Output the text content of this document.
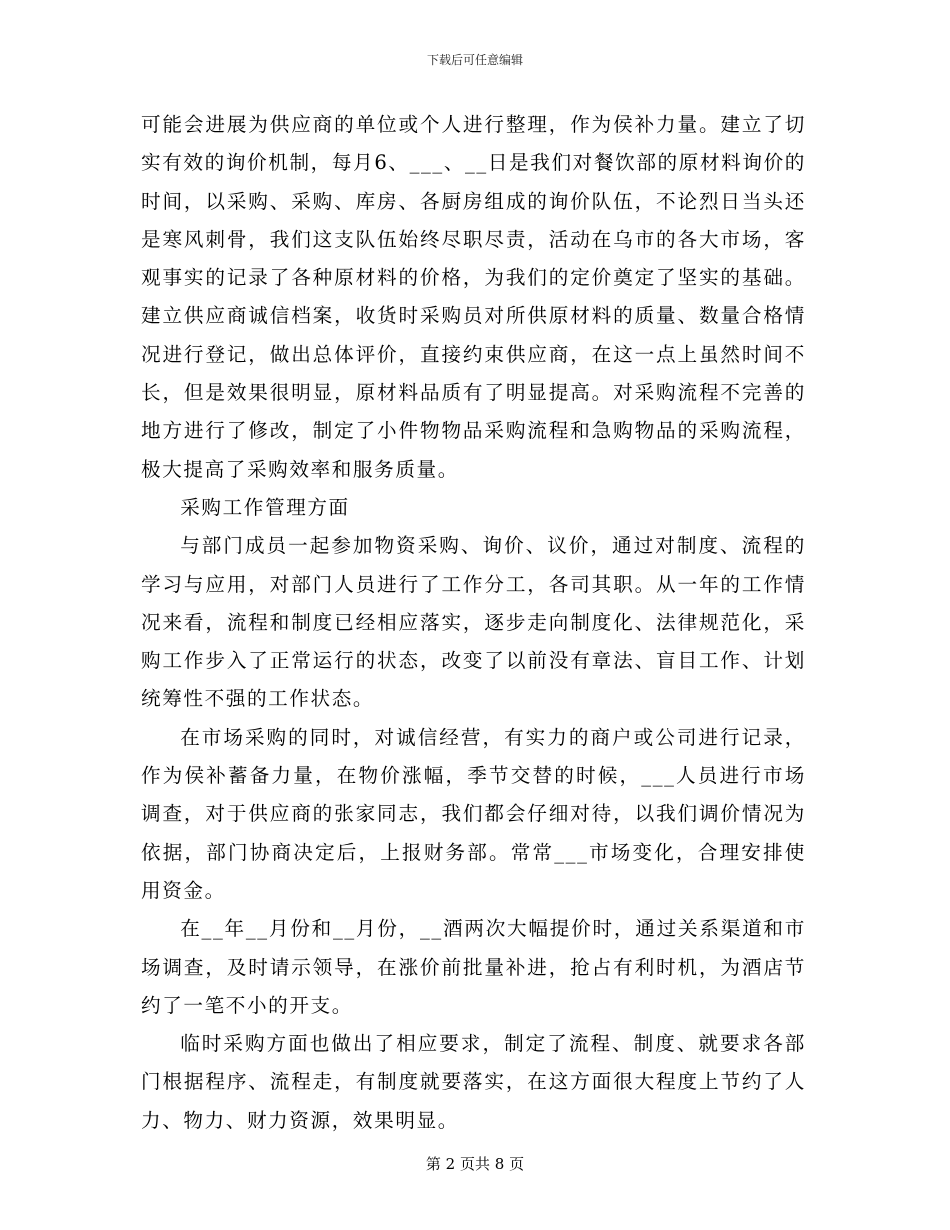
下载后可任意编辑

可能会进展为供应商的单位或个人进行整理，作为侯补力量。建立了切实有效的询价机制，每月6、___、__日是我们对餐饮部的原材料询价的时间，以采购、采购、库房、各厨房组成的询价队伍，不论烈日当头还是寒风刺骨，我们这支队伍始终尽职尽责，活动在乌市的各大市场，客观事实的记录了各种原材料的价格，为我们的定价奠定了坚实的基础。建立供应商诚信档案，收货时采购员对所供原材料的质量、数量合格情况进行登记，做出总体评价，直接约束供应商，在这一点上虽然时间不长，但是效果很明显，原材料品质有了明显提高。对采购流程不完善的地方进行了修改，制定了小件物物品采购流程和急购物品的采购流程，极大提高了采购效率和服务质量。

采购工作管理方面

与部门成员一起参加物资采购、询价、议价，通过对制度、流程的学习与应用，对部门人员进行了工作分工，各司其职。从一年的工作情况来看，流程和制度已经相应落实，逐步走向制度化、法律规范化，采购工作步入了正常运行的状态，改变了以前没有章法、盲目工作、计划统筹性不强的工作状态。

在市场采购的同时，对诚信经营，有实力的商户或公司进行记录，作为侯补蓄备力量，在物价涨幅，季节交替的时候，___人员进行市场调查，对于供应商的张家同志，我们都会仔细对待，以我们调价情况为依据，部门协商决定后，上报财务部。常常___市场变化，合理安排使用资金。

在__年__月份和__月份，__酒两次大幅提价时，通过关系渠道和市场调查，及时请示领导，在涨价前批量补进，抢占有利时机，为酒店节约了一笔不小的开支。

临时采购方面也做出了相应要求，制定了流程、制度、就要求各部门根据程序、流程走，有制度就要落实，在这方面很大程度上节约了人力、物力、财力资源，效果明显。

第 2 页共 8 页
